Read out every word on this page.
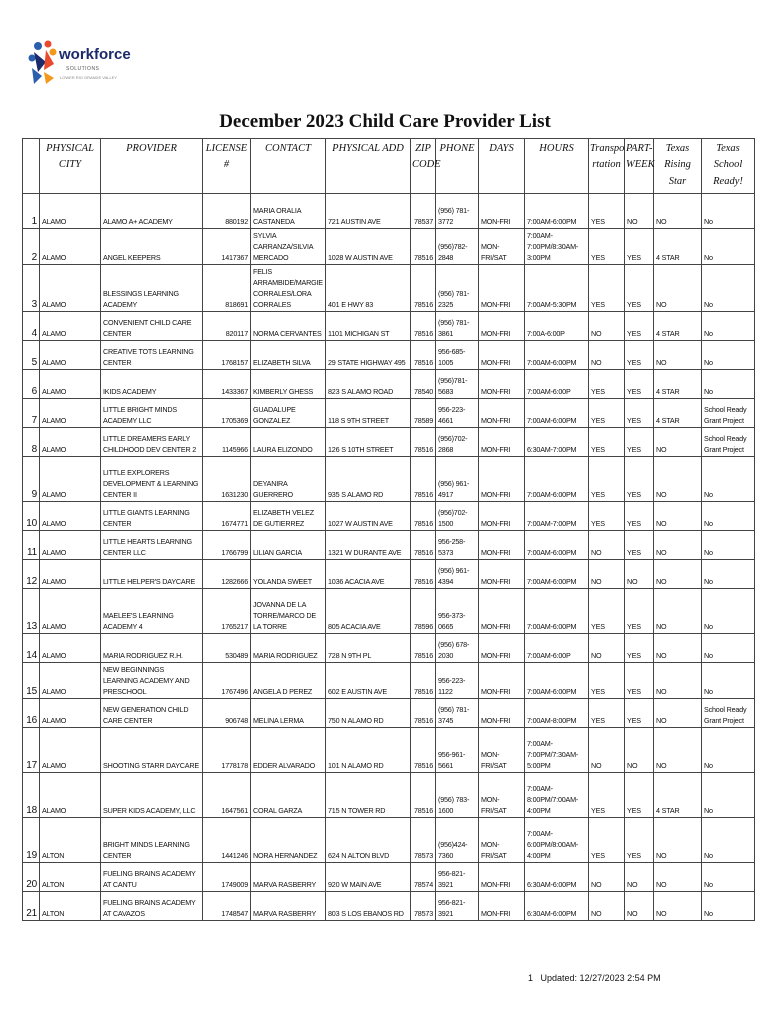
workforce
SOLUTIONS
LOWER RIO GRANDE VALLEY
December 2023 Child Care Provider List
	PHYSICAL CITY	PROVIDER	LICENSE #	CONTACT	PHYSICAL ADD	ZIP CODE	PHONE	DAYS	HOURS	Transpo rtation	PART-WEEK	Texas Rising Star	Texas School Ready!
1	ALAMO	ALAMO A+ ACADEMY	880192	MARIA ORALIA CASTANEDA	721 AUSTIN AVE	78537	(956) 781-3772	MON-FRI	7:00AM-6:00PM	YES	NO	NO	No
2	ALAMO	ANGEL KEEPERS	1417367	SYLVIA CARRANZA/SILVIA MERCADO	1028 W AUSTIN AVE	78516	(956)782-2848	MON-FRI/SAT	7:00AM-7:00PM/8:30AM-3:00PM	YES	YES	4 STAR	No
3	ALAMO	BLESSINGS LEARNING ACADEMY	818691	FELIS ARRAMBIDE/MARGIE CORRALES/LORA CORRALES	401 E HWY 83	78516	(956) 781-2325	MON-FRI	7:00AM-5:30PM	YES	YES	NO	No
4	ALAMO	CONVENIENT CHILD CARE CENTER	820117	NORMA CERVANTES	1101 MICHIGAN ST	78516	(956) 781-3861	MON-FRI	7:00A-6:00P	NO	YES	4 STAR	No
5	ALAMO	CREATIVE TOTS LEARNING CENTER	1768157	ELIZABETH SILVA	29 STATE HIGHWAY 495	78516	956-685-1005	MON-FRI	7:00AM-6:00PM	NO	YES	NO	No
6	ALAMO	IKIDS ACADEMY	1433367	KIMBERLY GHESS	823 S ALAMO ROAD	78540	(956)781-5683	MON-FRI	7:00AM-6:00P	YES	YES	4 STAR	No
7	ALAMO	LITTLE BRIGHT MINDS ACADEMY LLC	1705369	GUADALUPE GONZALEZ	118 S 9TH STREET	78589	956-223-4661	MON-FRI	7:00AM-6:00PM	YES	YES	4 STAR	School Ready Grant Project
8	ALAMO	LITTLE DREAMERS EARLY CHILDHOOD DEV CENTER 2	1145966	LAURA ELIZONDO	126 S 10TH STREET	78516	(956)702-2868	MON-FRI	6:30AM-7:00PM	YES	YES	NO	School Ready Grant Project
9	ALAMO	LITTLE EXPLORERS DEVELOPMENT & LEARNING CENTER II	1631230	DEYANIRA GUERRERO	935 S ALAMO RD	78516	(956) 961-4917	MON-FRI	7:00AM-6:00PM	YES	YES	NO	No
10	ALAMO	LITTLE GIANTS LEARNING CENTER	1674771	ELIZABETH VELEZ DE GUTIERREZ	1027 W AUSTIN AVE	78516	(956)702-1500	MON-FRI	7:00AM-7:00PM	YES	YES	NO	No
11	ALAMO	LITTLE HEARTS LEARNING CENTER LLC	1766799	LILIAN GARCIA	1321 W DURANTE AVE	78516	956-258-5373	MON-FRI	7:00AM-6:00PM	NO	YES	NO	No
12	ALAMO	LITTLE HELPER'S DAYCARE	1282666	YOLANDA SWEET	1036 ACACIA AVE	78516	(956) 961-4394	MON-FRI	7:00AM-6:00PM	NO	NO	NO	No
13	ALAMO	MAELEE'S LEARNING ACADEMY 4	1765217	JOVANNA DE LA TORRE/MARCO DE LA TORRE	805 ACACIA AVE	78596	956-373-0665	MON-FRI	7:00AM-6:00PM	YES	YES	NO	No
14	ALAMO	MARIA RODRIGUEZ R.H.	530489	MARIA RODRIGUEZ	728 N 9TH PL	78516	(956) 678-2030	MON-FRI	7:00AM-6:00P	NO	YES	NO	No
15	ALAMO	NEW BEGINNINGS LEARNING ACADEMY AND PRESCHOOL	1767496	ANGELA D PEREZ	602 E AUSTIN AVE	78516	956-223-1122	MON-FRI	7:00AM-6:00PM	YES	YES	NO	No
16	ALAMO	NEW GENERATION CHILD CARE CENTER	906748	MELINA LERMA	750 N ALAMO RD	78516	(956) 781-3745	MON-FRI	7:00AM-8:00PM	YES	YES	NO	School Ready Grant Project
17	ALAMO	SHOOTING STARR DAYCARE	1778178	EDDER ALVARADO	101 N ALAMO RD	78516	956-961-5661	MON-FRI/SAT	7:00AM-7:00PM/7:30AM-5:00PM	NO	NO	NO	No
18	ALAMO	SUPER KIDS ACADEMY, LLC	1647561	CORAL GARZA	715 N TOWER RD	78516	(956) 783-1600	MON-FRI/SAT	7:00AM-8:00PM/7:00AM-4:00PM	YES	YES	4 STAR	No
19	ALTON	BRIGHT MINDS LEARNING CENTER	1441246	NORA HERNANDEZ	624 N ALTON BLVD	78573	(956)424-7360	MON-FRI/SAT	7:00AM-6:00PM/8:00AM-4:00PM	YES	YES	NO	No
20	ALTON	FUELING BRAINS ACADEMY AT CANTU	1749009	MARVA RASBERRY	920 W MAIN AVE	78574	956-821-3921	MON-FRI	6:30AM-6:00PM	NO	NO	NO	No
21	ALTON	FUELING BRAINS ACADEMY AT CAVAZOS	1748547	MARVA RASBERRY	803 S LOS EBANOS RD	78573	956-821-3921	MON-FRI	6:30AM-6:00PM	NO	NO	NO	No
1 Updated: 12/27/2023 2:54 PM
